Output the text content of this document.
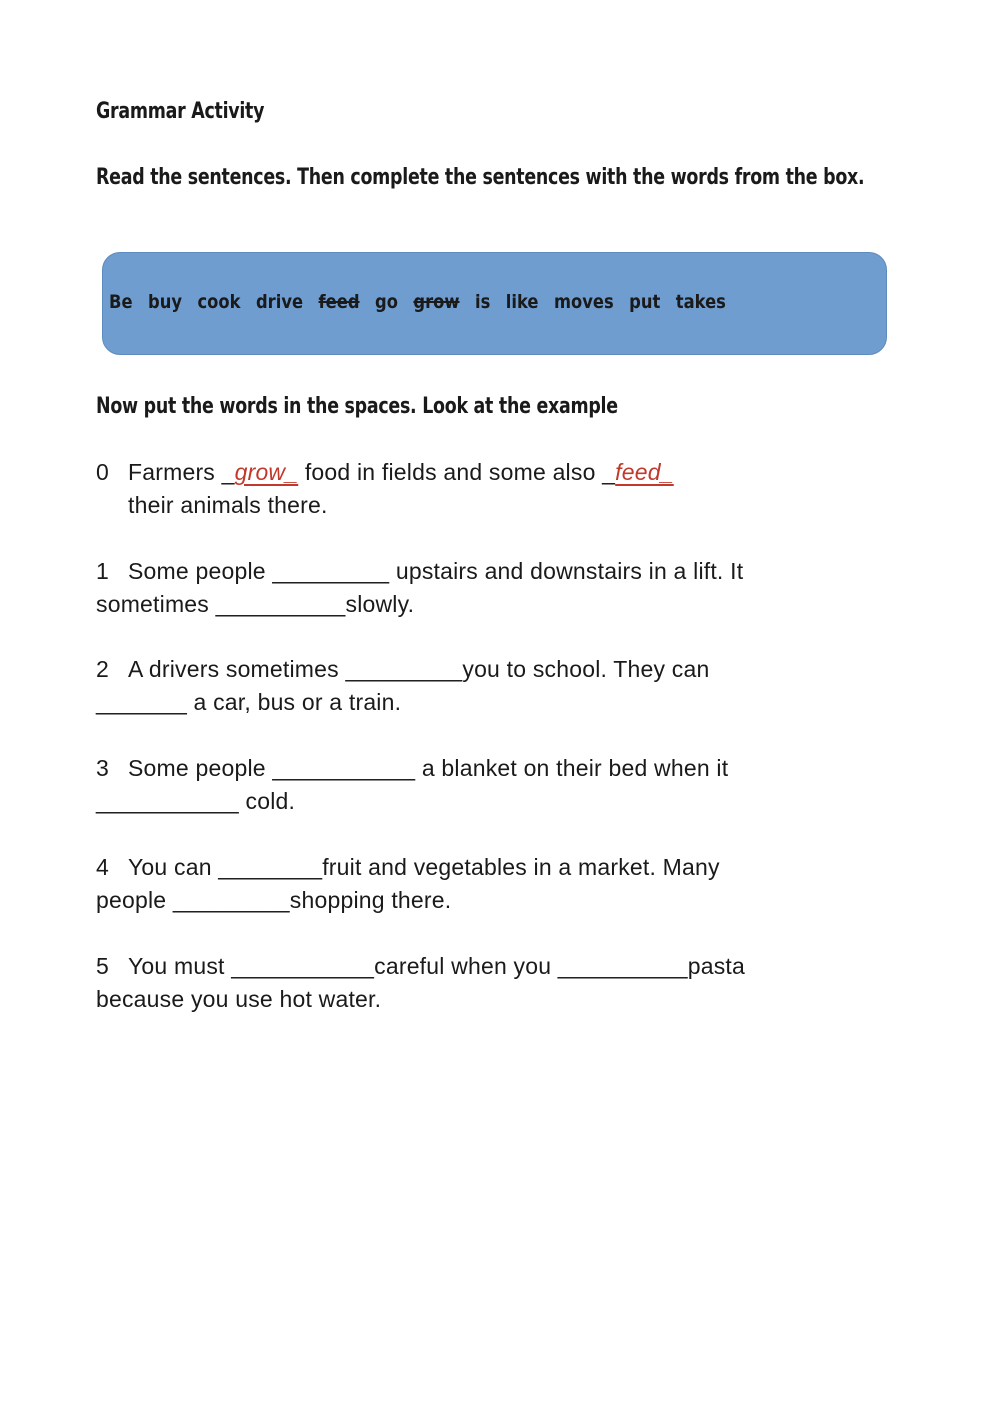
Grammar Activity

Read the sentences. Then complete the sentences with the words from the box.

Be buy cook drive feed go grow is like moves put takes

Now put the words in the spaces. Look at the example

0 Farmers _grow_ food in fields and some also _feed_
their animals there.
1 Some people _________ upstairs and downstairs in a lift. It
sometimes __________slowly.
2 A drivers sometimes _________you to school. They can
_______ a car, bus or a train.
3 Some people ___________ a blanket on their bed when it
___________ cold.
4 You can ________fruit and vegetables in a market. Many
people _________shopping there.
5 You must ___________careful when you __________pasta
because you use hot water.
